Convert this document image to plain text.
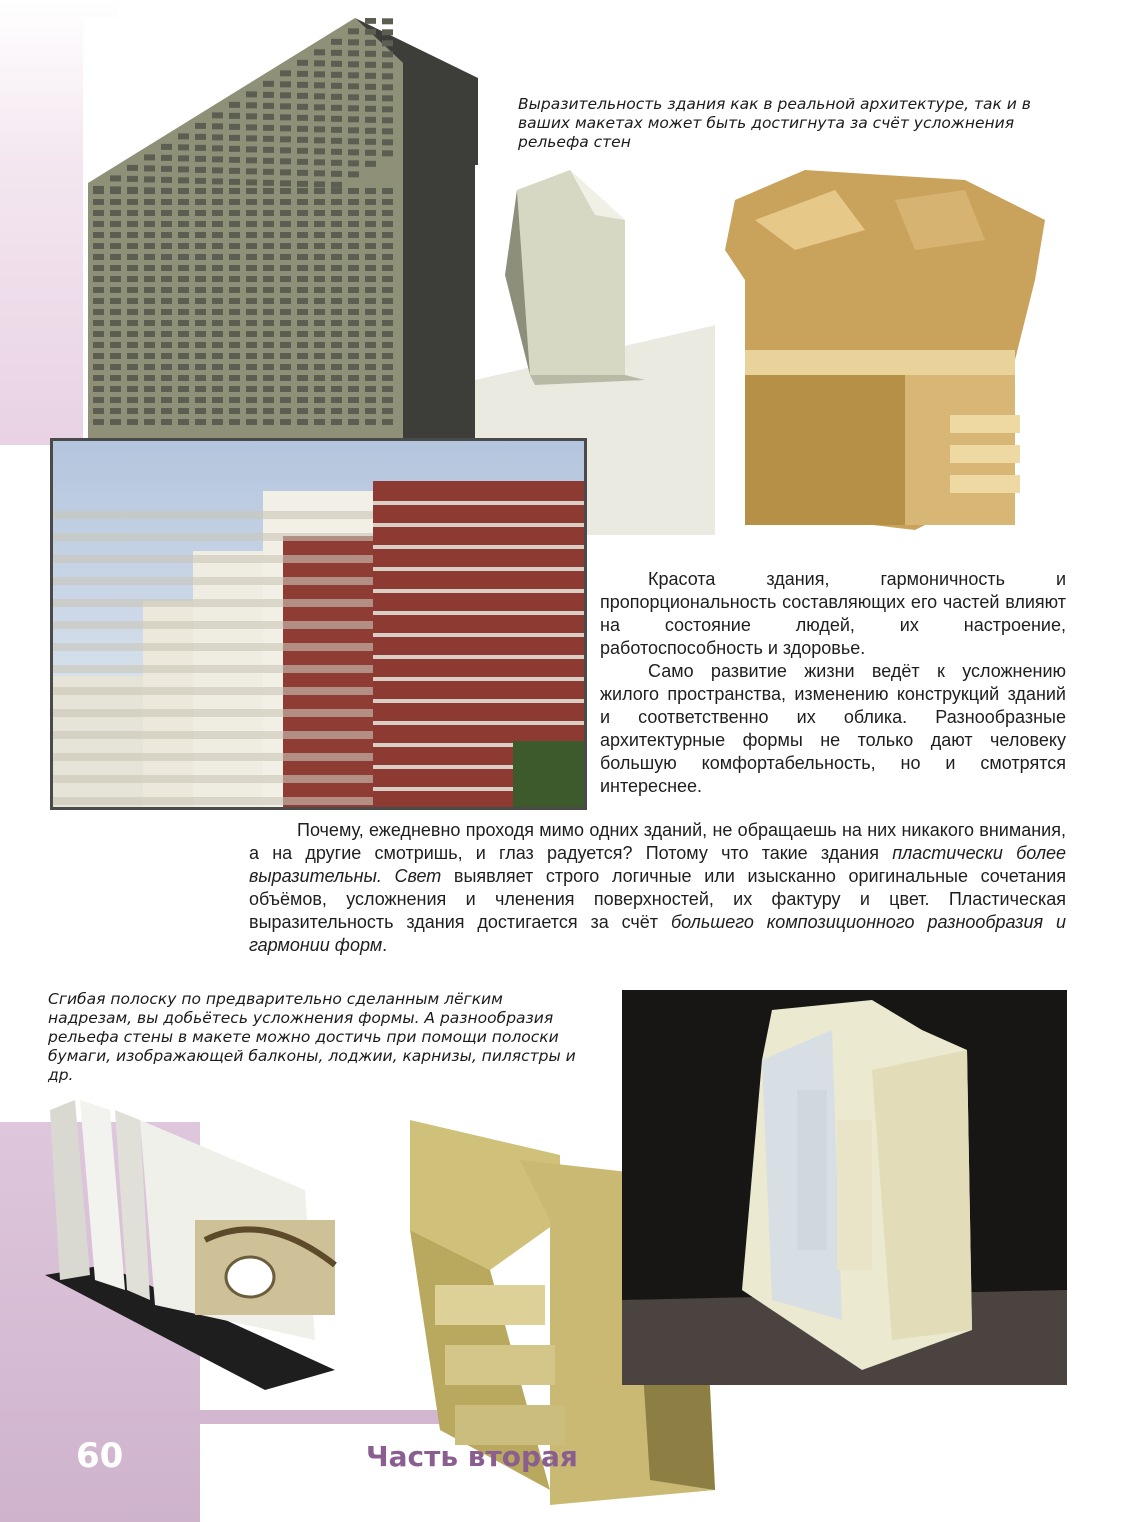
Выразительность здания как в реальной архитектуре, так и в ваших макетах может быть достигнута за счёт усложнения рельефа стен

Красота здания, гармоничность и пропорциональность составляющих его частей влияют на состояние людей, их настроение, работоспособность и здоровье.

Само развитие жизни ведёт к усложнению жилого пространства, изменению конструкций зданий и соответственно их облика. Разнообразные архитектурные формы не только дают человеку большую комфортабельность, но и смотрятся интереснее.

Почему, ежедневно проходя мимо одних зданий, не обращаешь на них никакого внимания, а на другие смотришь, и глаз радуется? Потому что такие здания пластически более выразительны. Свет выявляет строго логичные или изысканно оригинальные сочетания объёмов, усложнения и членения поверхностей, их фактуру и цвет. Пластическая выразительность здания достигается за счёт большего композиционного разнообразия и гармонии форм.

Сгибая полоску по предварительно сделанным лёгким надрезам, вы добьётесь усложнения формы. А разнообразия рельефа стены в макете можно достичь при помощи полоски бумаги, изображающей балконы, лоджии, карнизы, пилястры и др.
60	Часть вторая
